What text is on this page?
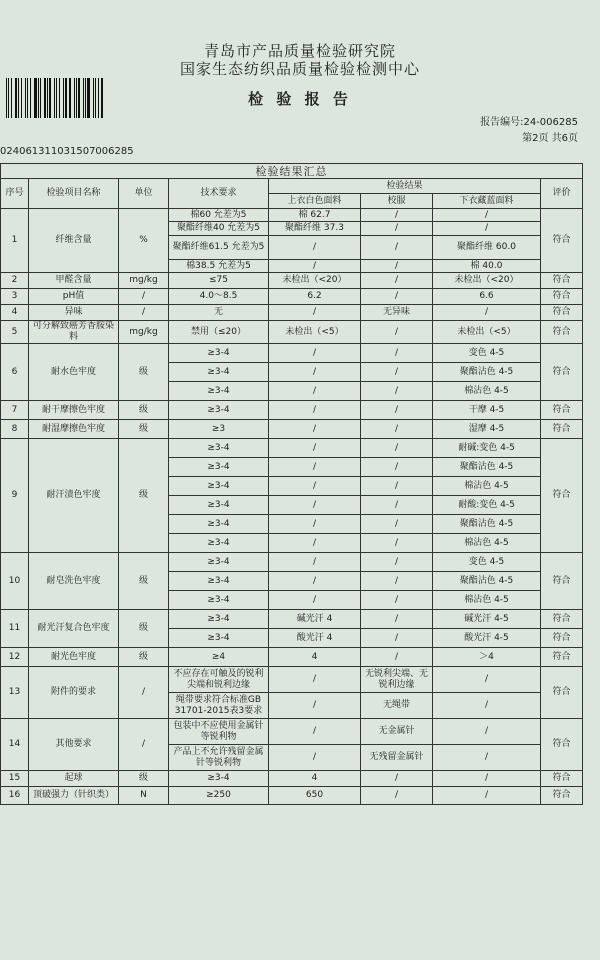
青岛市产品质量检验研究院
国家生态纺织品质量检验检测中心
检 验 报 告
报告编号:24-006285
第2页 共6页
0240613110315070062​85
检验结果汇总							
序号	检验项目名称	单位	技术要求	检验结果			评价
				上衣白色面料	校服	下衣藏蓝面料	
1	纤维含量	%	棉60 允差为5	棉 62.7	/	/	符合
			聚酯纤维40 允差为5	聚酯纤维 37.3	/	/	
			聚酯纤维61.5 允差为5	/	/	聚酯纤维 60.0	
			棉38.5 允差为5	/	/	棉 40.0	
2	甲醛含量	mg/kg	≤75	未检出（<20）	/	未检出（<20）	符合
3	pH值	/	4.0～8.5	6.2	/	6.6	符合
4	异味	/	无	/	无异味	/	符合
5	可分解致癌芳香胺染料	mg/kg	禁用（≤20）	未检出（<5）	/	未检出（<5）	符合
6	耐水色牢度	级	≥3-4	/	/	变色 4-5	符合
			≥3-4	/	/	聚酯沾色 4-5	
			≥3-4	/	/	棉沾色 4-5	
7	耐干摩擦色牢度	级	≥3-4	/	/	干摩 4-5	符合
8	耐湿摩擦色牢度	级	≥3	/	/	湿摩 4-5	符合
9	耐汗渍色牢度	级	≥3-4	/	/	耐碱:变色 4-5	符合
			≥3-4	/	/	聚酯沾色 4-5	
			≥3-4	/	/	棉沾色 4-5	
			≥3-4	/	/	耐酸:变色 4-5	
			≥3-4	/	/	聚酯沾色 4-5	
			≥3-4	/	/	棉沾色 4-5	
10	耐皂洗色牢度	级	≥3-4	/	/	变色 4-5	符合
			≥3-4	/	/	聚酯沾色 4-5	
			≥3-4	/	/	棉沾色 4-5	
11	耐光汗复合色牢度	级	≥3-4	碱光汗 4	/	碱光汗 4-5	符合
			≥3-4	酸光汗 4	/	酸光汗 4-5	符合
12	耐光色牢度	级	≥4	4	/	＞4	符合
13	附件的要求	/	不应存在可触及的锐利尖端和锐利边缘	/	无锐利尖端、无锐利边缘	/	符合
			绳带要求符合标准GB 31701-2015表3要求	/	无绳带	/	
14	其他要求	/	包装中不应使用金属针等锐利物	/	无金属针	/	符合
			产品上不允许残留金属针等锐利物	/	无残留金属针	/	
15	起球	级	≥3-4	4	/	/	符合
16	顶破强力（针织类）	N	≥250	650	/	/	符合
